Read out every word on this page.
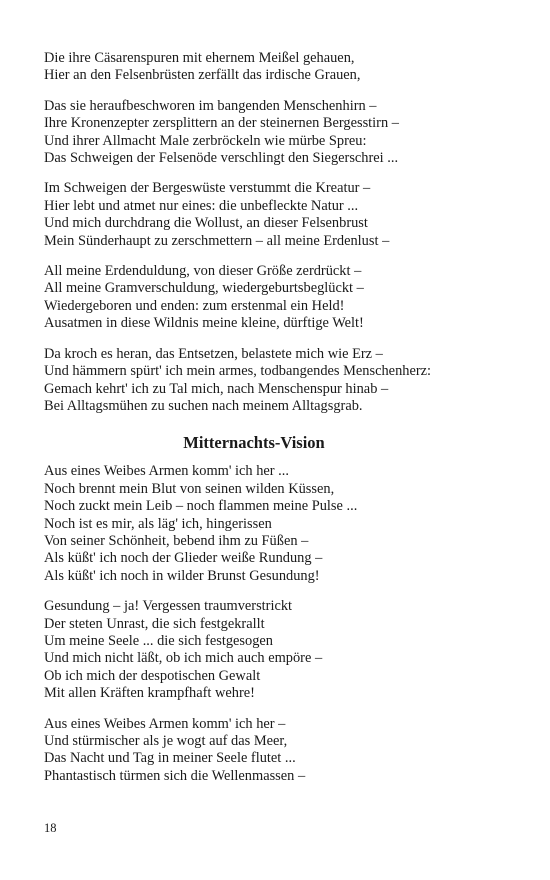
Die ihre Cäsarenspuren mit ehernem Meißel gehauen,
Hier an den Felsenbrüsten zerfällt das irdische Grauen,
Das sie heraufbeschworen im bangenden Menschenhirn –
Ihre Kronenzepter zersplittern an der steinernen Bergesstirn –
Und ihrer Allmacht Male zerbröckeln wie mürbe Spreu:
Das Schweigen der Felsenöde verschlingt den Siegerschrei ...
Im Schweigen der Bergeswüste verstummt die Kreatur –
Hier lebt und atmet nur eines: die unbefleckte Natur ...
Und mich durchdrang die Wollust, an dieser Felsenbrust
Mein Sünderhaupt zu zerschmettern – all meine Erdenlust –
All meine Erdenduldung, von dieser Größe zerdrückt –
All meine Gramverschuldung, wiedergeburtsbeglückt –
Wiedergeboren und enden: zum erstenmal ein Held!
Ausatmen in diese Wildnis meine kleine, dürftige Welt!
Da kroch es heran, das Entsetzen, belastete mich wie Erz –
Und hämmern spürt' ich mein armes, todbangendes Menschenherz:
Gemach kehrt' ich zu Tal mich, nach Menschenspur hinab –
Bei Alltagsmühen zu suchen nach meinem Alltagsgrab.
Mitternachts-Vision
Aus eines Weibes Armen komm' ich her ...
Noch brennt mein Blut von seinen wilden Küssen,
Noch zuckt mein Leib – noch flammen meine Pulse ...
Noch ist es mir, als läg' ich, hingerissen
Von seiner Schönheit, bebend ihm zu Füßen –
Als küßt' ich noch der Glieder weiße Rundung –
Als küßt' ich noch in wilder Brunst Gesundung!
Gesundung – ja! Vergessen traumverstrickt
Der steten Unrast, die sich festgekrallt
Um meine Seele ... die sich festgesogen
Und mich nicht läßt, ob ich mich auch empöre –
Ob ich mich der despotischen Gewalt
Mit allen Kräften krampfhaft wehre!
Aus eines Weibes Armen komm' ich her –
Und stürmischer als je wogt auf das Meer,
Das Nacht und Tag in meiner Seele flutet ...
Phantastisch türmen sich die Wellenmassen –
18
